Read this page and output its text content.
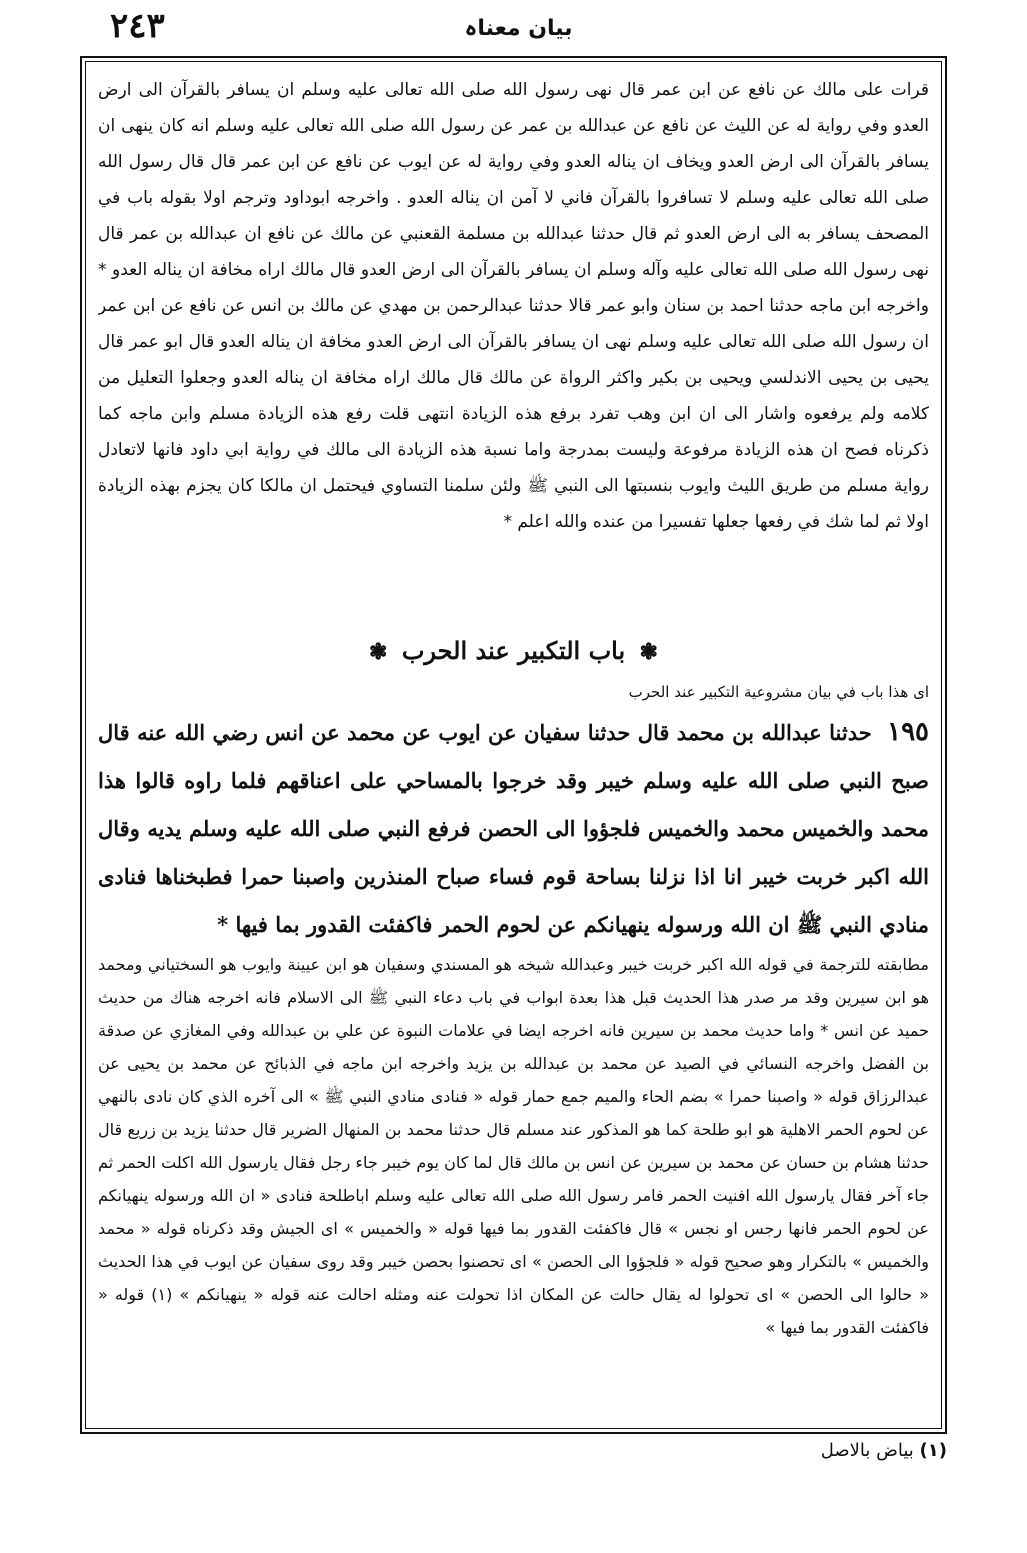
٢٤٣	بیان معناہ

قرات على مالك عن نافع عن ابن عمر قال نهى رسول الله صلى الله تعالى عليه وسلم ان يسافر بالقرآن الى ارض العدو وفي رواية له عن الليث عن نافع عن عبدالله بن عمر عن رسول الله صلى الله تعالى عليه وسلم انه كان ينهى ان يسافر بالقرآن الى ارض العدو ويخاف ان يناله العدو وفي رواية له عن ايوب عن نافع عن ابن عمر قال قال رسول الله صلى الله تعالى عليه وسلم لا تسافروا بالقرآن فاني لا آمن ان يناله العدو . واخرجه ابوداود وترجم اولا بقوله باب في المصحف يسافر به الى ارض العدو ثم قال حدثنا عبدالله بن مسلمة القعنبي عن مالك عن نافع ان عبدالله بن عمر قال نهى رسول الله صلى الله تعالى عليه وآله وسلم ان يسافر بالقرآن الى ارض العدو قال مالك اراه مخافة ان يناله العدو * واخرجه ابن ماجه حدثنا احمد بن سنان وابو عمر قالا حدثنا عبدالرحمن بن مهدي عن مالك بن انس عن نافع عن ابن عمر ان رسول الله صلى الله تعالى عليه وسلم نهى ان يسافر بالقرآن الى ارض العدو مخافة ان يناله العدو قال ابو عمر قال يحيى بن يحيى الاندلسي ويحيى بن بكير واكثر الرواة عن مالك قال مالك اراه مخافة ان يناله العدو وجعلوا التعليل من كلامه ولم يرفعوه واشار الى ان ابن وهب تفرد برفع هذه الزيادة انتهى قلت رفع هذه الزيادة مسلم وابن ماجه كما ذكرناه فصح ان هذه الزيادة مرفوعة وليست بمدرجة واما نسبة هذه الزيادة الى مالك في رواية ابي داود فانها لاتعادل رواية مسلم من طريق الليث وايوب بنسبتها الى النبي ﷺ ولئن سلمنا التساوي فيحتمل ان مالكا كان يجزم بهذه الزيادة اولا ثم لما شك في رفعها جعلها تفسيرا من عنده والله اعلم *

❃ باب التكبير عند الحرب ❃

اى هذا باب في بيان مشروعية التكبير عند الحرب

١٩٥ حدثنا عبدالله بن محمد قال حدثنا سفيان عن ايوب عن محمد عن انس رضي الله عنه قال صبح النبي صلى الله عليه وسلم خيبر وقد خرجوا بالمساحي على اعناقهم فلما راوه قالوا هذا محمد والخميس محمد والخميس فلجؤوا الى الحصن فرفع النبي صلى الله عليه وسلم يديه وقال الله اكبر خربت خيبر انا اذا نزلنا بساحة قوم فساء صباح المنذرين واصبنا حمرا فطبخناها فنادى منادي النبي ﷺ ان الله ورسوله ينهيانكم عن لحوم الحمر فاكفئت القدور بما فيها *

مطابقته للترجمة في قوله الله اكبر خربت خيبر وعبدالله شيخه هو المسندي وسفيان هو ابن عيينة وايوب هو السختياني ومحمد هو ابن سيرين وقد مر صدر هذا الحديث قبل هذا بعدة ابواب في باب دعاء النبي ﷺ الى الاسلام فانه اخرجه هناك من حديث حميد عن انس * واما حديث محمد بن سيرين فانه اخرجه ايضا في علامات النبوة عن علي بن عبدالله وفي المغازي عن صدقة بن الفضل واخرجه النسائي في الصيد عن محمد بن عبدالله بن يزيد واخرجه ابن ماجه في الذبائح عن محمد بن يحيى عن عبدالرزاق قوله « واصبنا حمرا » بضم الحاء والميم جمع حمار قوله « فنادى منادي النبي ﷺ » الى آخره الذي كان نادى بالنهي عن لحوم الحمر الاهلية هو ابو طلحة كما هو المذكور عند مسلم قال حدثنا محمد بن المنهال الضرير قال حدثنا يزيد بن زريع قال حدثنا هشام بن حسان عن محمد بن سيرين عن انس بن مالك قال لما كان يوم خيبر جاء رجل فقال يارسول الله اكلت الحمر ثم جاء آخر فقال يارسول الله افنيت الحمر فامر رسول الله صلى الله تعالى عليه وسلم اباطلحة فنادى « ان الله ورسوله ينهيانكم عن لحوم الحمر فانها رجس او نجس » قال فاكفئت القدور بما فيها قوله « والخميس » اى الجيش وقد ذكرناه قوله « محمد والخميس » بالتكرار وهو صحيح قوله « فلجؤوا الى الحصن » اى تحصنوا بحصن خيبر وقد روى سفيان عن ايوب في هذا الحديث « حالوا الى الحصن » اى تحولوا له يقال حالت عن المكان اذا تحولت عنه ومثله احالت عنه قوله « ينهيانكم » (١) قوله « فاكفئت القدور بما فيها »

(١) بياض بالاصل
